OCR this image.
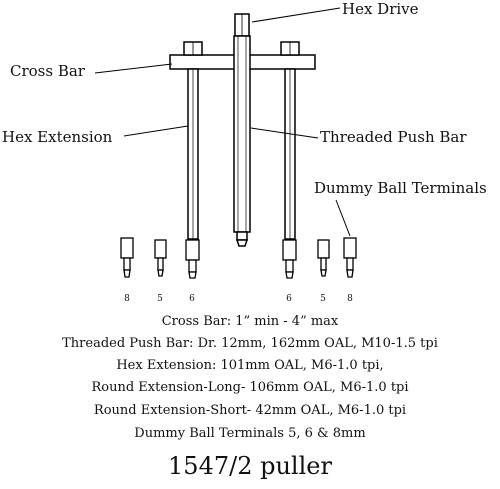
Hex Drive
Cross Bar
Hex Extension	Threaded Push Bar
Dummy Ball Terminals
8	5	6	6	5 8
Cross Bar: 1” min - 4” max
Threaded Push Bar: Dr. 12mm, 162mm OAL, M10-1.5 tpi
Hex Extension: 101mm OAL, M6-1.0 tpi,
Round Extension-Long- 106mm OAL, M6-1.0 tpi
Round Extension-Short- 42mm OAL, M6-1.0 tpi
Dummy Ball Terminals 5, 6 & 8mm
1547/2 puller
